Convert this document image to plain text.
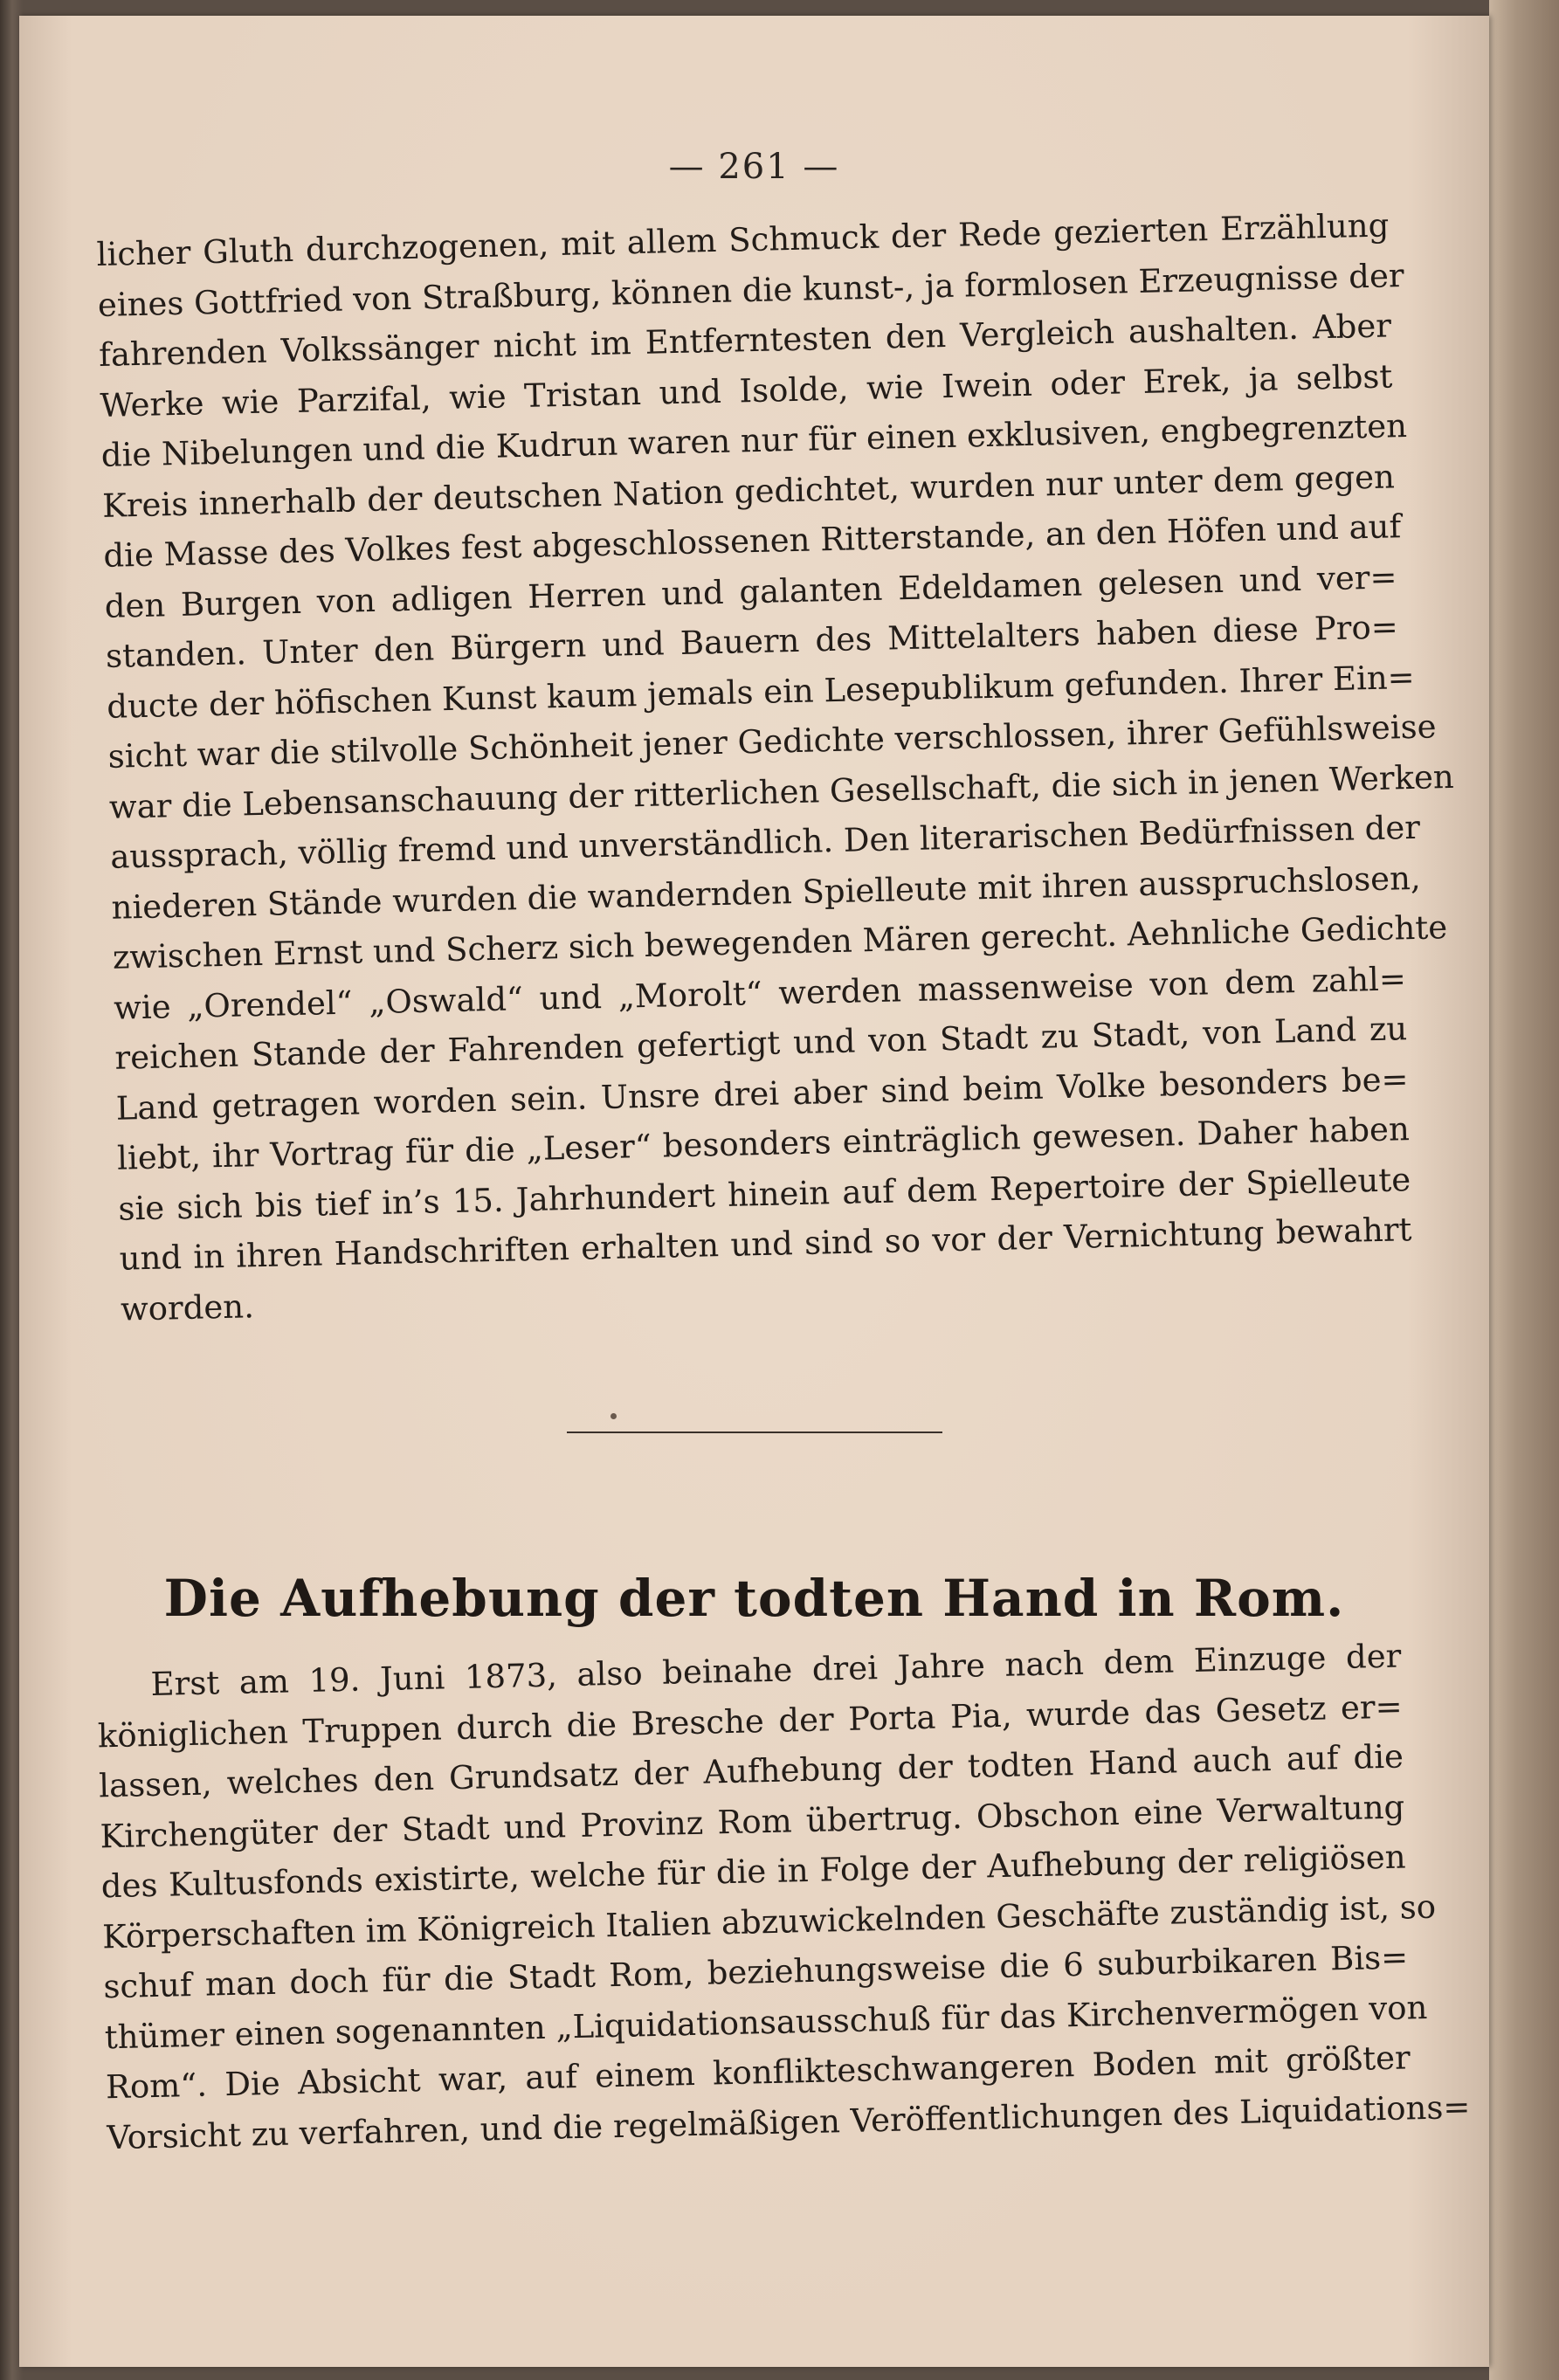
— 261 —
licher Gluth durchzogenen, mit allem Schmuck der Rede gezierten Erzählung
eines Gottfried von Straßburg, können die kunst-, ja formlosen Erzeugnisse der
fahrenden Volkssänger nicht im Entferntesten den Vergleich aushalten. Aber
Werke wie Parzifal, wie Tristan und Isolde, wie Iwein oder Erek, ja selbst
die Nibelungen und die Kudrun waren nur für einen exklusiven, engbegrenzten
Kreis innerhalb der deutschen Nation gedichtet, wurden nur unter dem gegen
die Masse des Volkes fest abgeschlossenen Ritterstande, an den Höfen und auf
den Burgen von adligen Herren und galanten Edeldamen gelesen und ver=
standen. Unter den Bürgern und Bauern des Mittelalters haben diese Pro=
ducte der höfischen Kunst kaum jemals ein Lesepublikum gefunden. Ihrer Ein=
sicht war die stilvolle Schönheit jener Gedichte verschlossen, ihrer Gefühlsweise
war die Lebensanschauung der ritterlichen Gesellschaft, die sich in jenen Werken
aussprach, völlig fremd und unverständlich. Den literarischen Bedürfnissen der
niederen Stände wurden die wandernden Spielleute mit ihren ausspruchslosen,
zwischen Ernst und Scherz sich bewegenden Mären gerecht. Aehnliche Gedichte
wie „Orendel“ „Oswald“ und „Morolt“ werden massenweise von dem zahl=
reichen Stande der Fahrenden gefertigt und von Stadt zu Stadt, von Land zu
Land getragen worden sein. Unsre drei aber sind beim Volke besonders be=
liebt, ihr Vortrag für die „Leser“ besonders einträglich gewesen. Daher haben
sie sich bis tief in’s 15. Jahrhundert hinein auf dem Repertoire der Spielleute
und in ihren Handschriften erhalten und sind so vor der Vernichtung bewahrt
worden.
Die Aufhebung der todten Hand in Rom.
Erst am 19. Juni 1873, also beinahe drei Jahre nach dem Einzuge der
königlichen Truppen durch die Bresche der Porta Pia, wurde das Gesetz er=
lassen, welches den Grundsatz der Aufhebung der todten Hand auch auf die
Kirchengüter der Stadt und Provinz Rom übertrug. Obschon eine Verwaltung
des Kultusfonds existirte, welche für die in Folge der Aufhebung der religiösen
Körperschaften im Königreich Italien abzuwickelnden Geschäfte zuständig ist, so
schuf man doch für die Stadt Rom, beziehungsweise die 6 suburbikaren Bis=
thümer einen sogenannten „Liquidationsausschuß für das Kirchenvermögen von
Rom“. Die Absicht war, auf einem konflikteschwangeren Boden mit größter
Vorsicht zu verfahren, und die regelmäßigen Veröffentlichungen des Liquidations=
